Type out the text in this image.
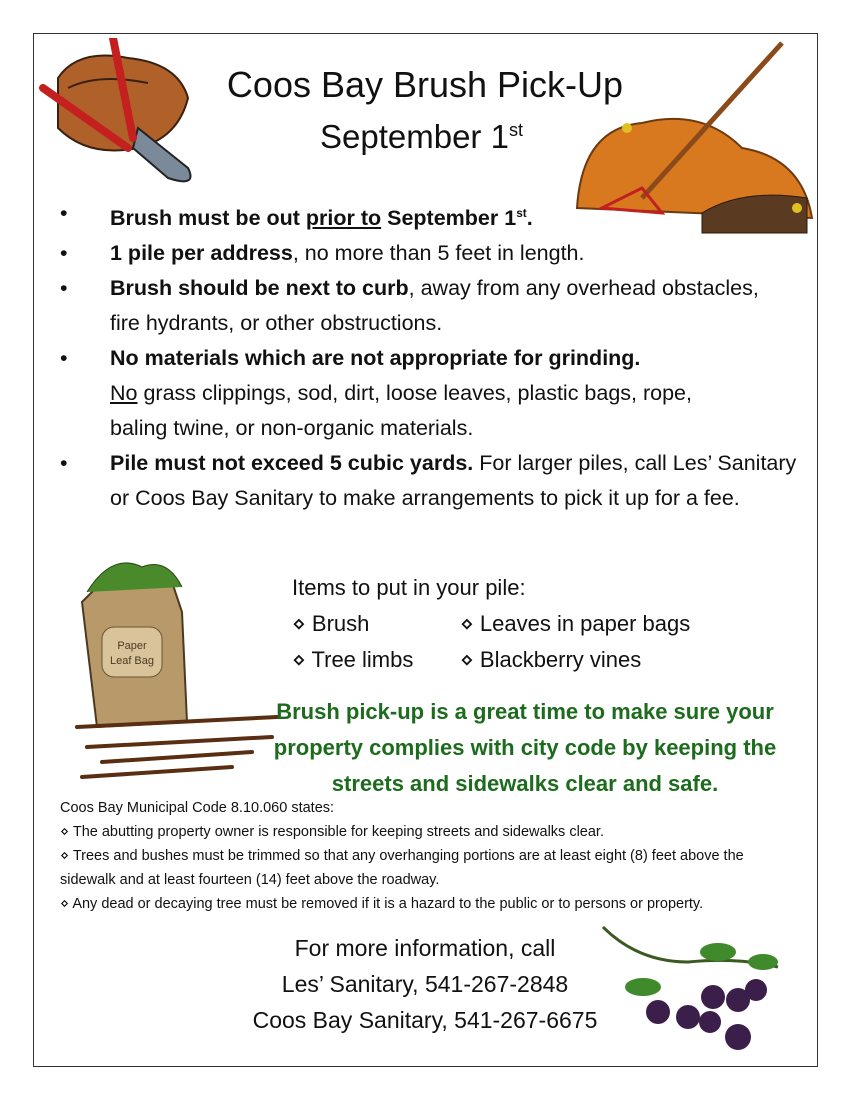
Coos Bay Brush Pick-Up
September 1st
• Brush must be out prior to September 1st.
• 1 pile per address, no more than 5 feet in length.
• Brush should be next to curb, away from any overhead obstacles, fire hydrants, or other obstructions.
• No materials which are not appropriate for grinding.
No grass clippings, sod, dirt, loose leaves, plastic bags, rope, baling twine, or non-organic materials.
• Pile must not exceed 5 cubic yards. For larger piles, call Les’ Sanitary or Coos Bay Sanitary to make arrangements to pick it up for a fee.
Paper
Leaf Bag
Items to put in your pile:
⋄ Brush	⋄ Leaves in paper bags
⋄ Tree limbs	⋄ Blackberry vines
Brush pick-up is a great time to make sure your property complies with city code by keeping the streets and sidewalks clear and safe.
Coos Bay Municipal Code 8.10.060 states:
⋄ The abutting property owner is responsible for keeping streets and sidewalks clear.
⋄ Trees and bushes must be trimmed so that any overhanging portions are at least eight (8) feet above the sidewalk and at least fourteen (14) feet above the roadway.
⋄ Any dead or decaying tree must be removed if it is a hazard to the public or to persons or property.
For more information, call
Les’ Sanitary, 541-267-2848
Coos Bay Sanitary, 541-267-6675
